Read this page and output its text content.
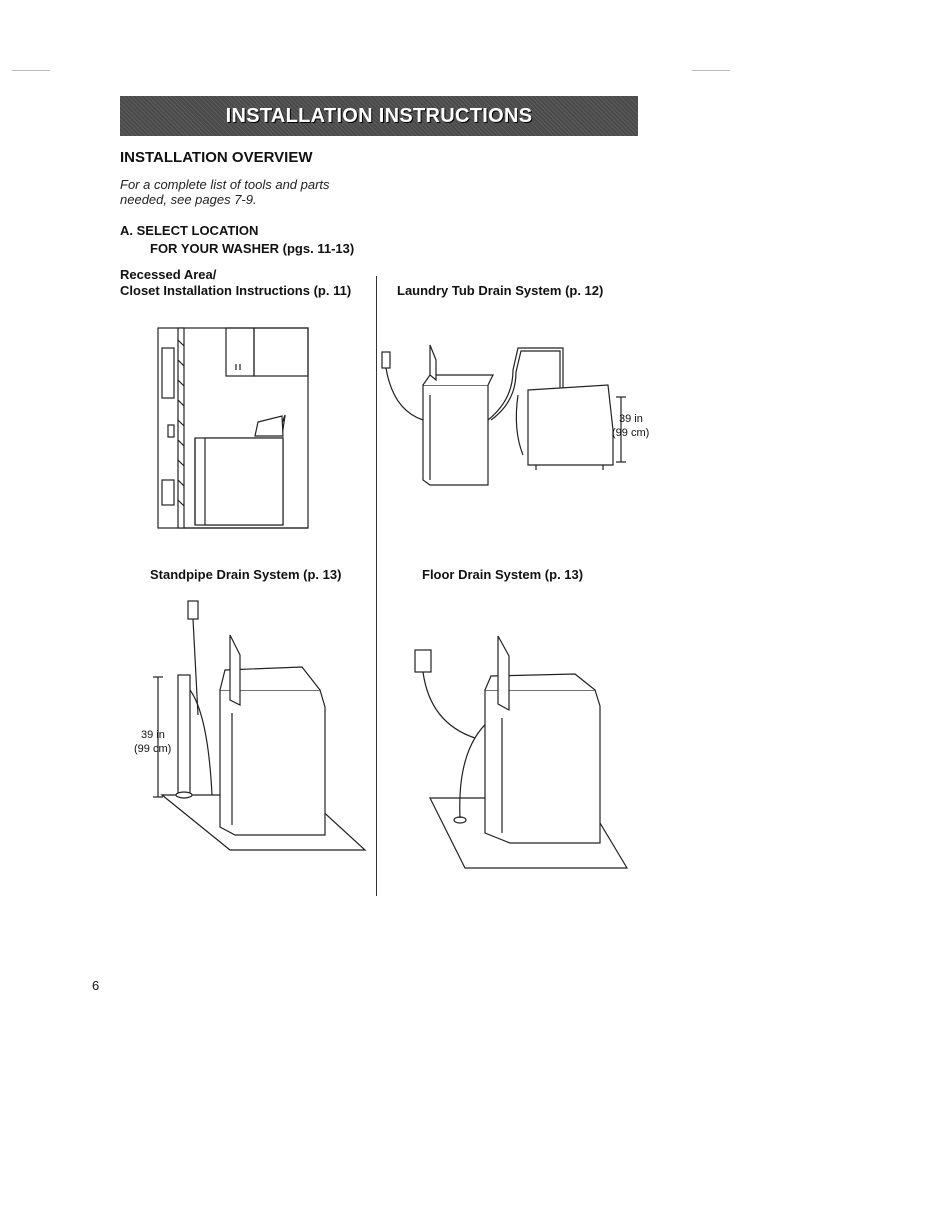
INSTALLATION INSTRUCTIONS
INSTALLATION OVERVIEW
For a complete list of tools and parts needed, see pages 7-9.
A. SELECT LOCATION
FOR YOUR WASHER (pgs. 11-13)
Recessed Area/
Closet Installation Instructions (p. 11)	Laundry Tub Drain System (p. 12)
Standpipe Drain System (p. 13)	Floor Drain System (p. 13)
39 in
(99 cm)
39 in
(99 cm)
6
